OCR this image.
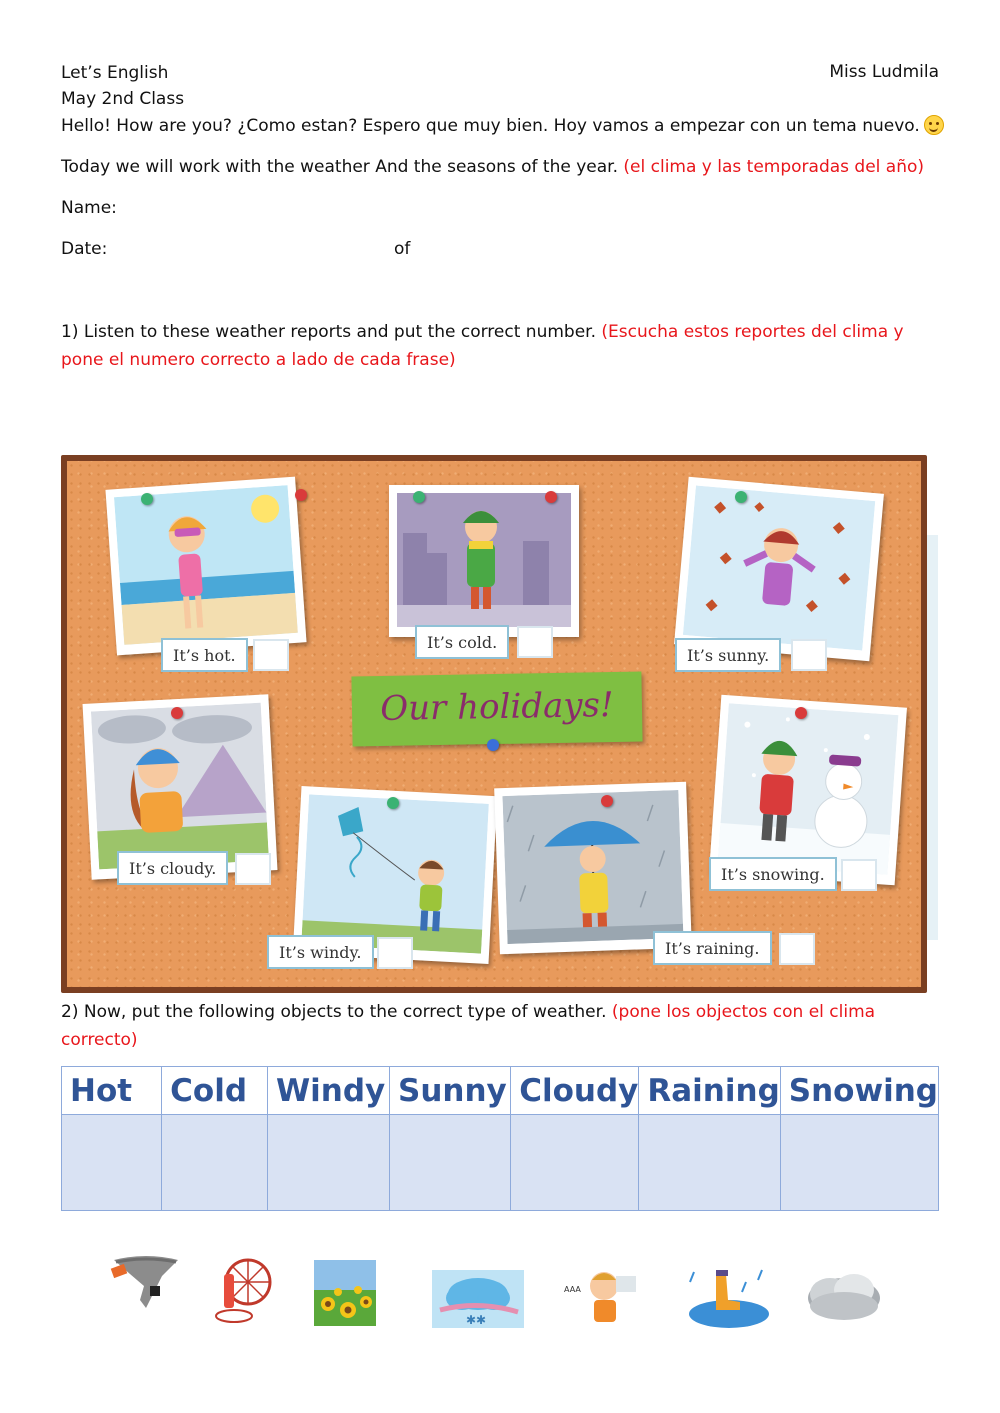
Let’s English	Miss Ludmila
May 2nd Class
Hello! How are you? ¿Como estan? Espero que muy bien. Hoy vamos a empezar con un tema nuevo.
Today we will work with the weather And the seasons of the year. (el clima y las temporadas del año)
Name:
Date:	of
1) Listen to these weather reports and put the correct number. (Escucha estos reportes del clima y
pone el numero correcto a lado de cada frase)
It’s hot.
It’s cold.
It’s sunny.
Our holidays!
It’s cloudy.
It’s windy.	It’s raining.
It’s snowing.
2) Now, put the following objects to the correct type of weather. (pone los objectos con el clima
correcto)
Hot	Cold	Windy	Sunny	Cloudy	Raining	Snowing

✱✱
AAA
